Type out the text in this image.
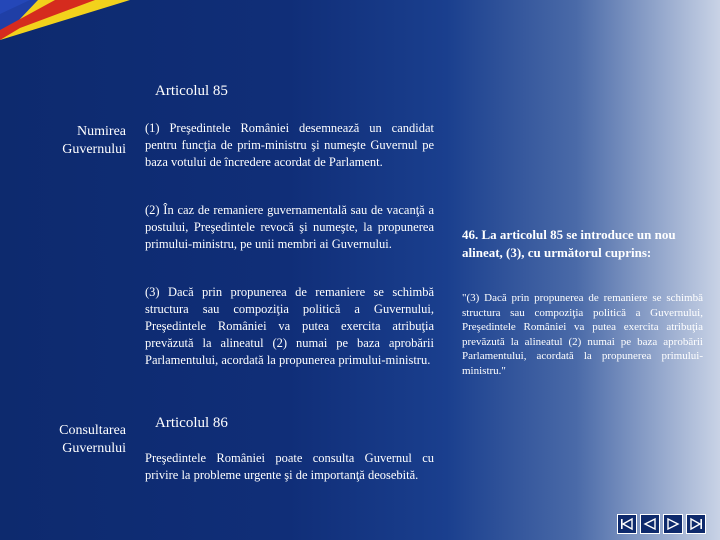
Articolul 85

Numirea
Guvernului

(1) Preşedintele României desemnează un candidat pentru funcţia de prim-ministru şi numeşte Guvernul pe baza votului de încredere acordat de Parlament.

(2) În caz de remaniere guvernamentală sau de vacanţă a postului, Preşedintele revocă şi numeşte, la propunerea primului-ministru, pe unii membri ai Guvernului.

(3) Dacă prin propunerea de remaniere se schimbă structura sau compoziţia politică a Guvernului, Preşedintele României va putea exercita atribuţia prevăzută la alineatul (2) numai pe baza aprobării Parlamentului, acordată la propunerea primului-ministru.

Articolul 86

Consultarea
Guvernului

Preşedintele României poate consulta Guvernul cu privire la probleme urgente şi de importanţă deosebită.

46. La articolul 85 se introduce un nou alineat, (3), cu următorul cuprins:

"(3) Dacă prin propunerea de remaniere se schimbă structura sau compoziţia politică a Guvernului, Preşedintele României va putea exercita atribuţia prevăzută la alineatul (2) numai pe baza aprobării Parlamentului, acordată la propunerea primului-ministru."
